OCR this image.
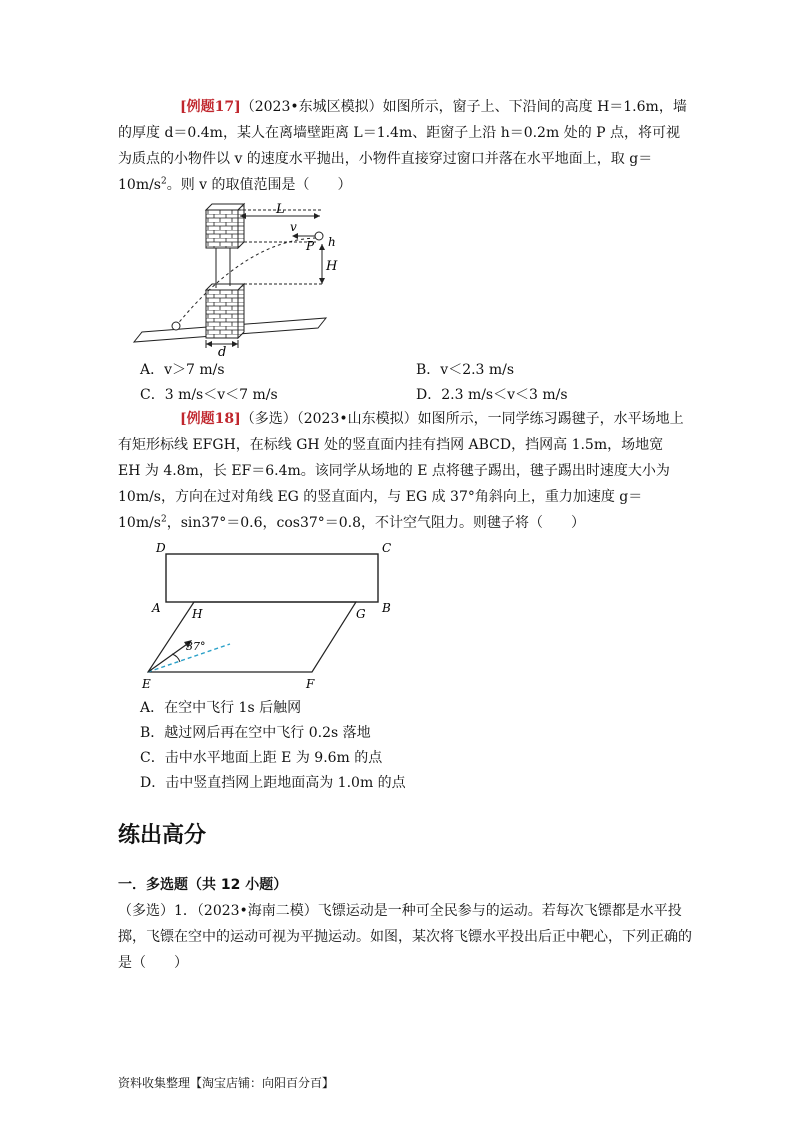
[例题17]（2023•东城区模拟）如图所示，窗子上、下沿间的高度 H＝1.6m，墙的厚度 d＝0.4m，某人在离墙壁距离 L＝1.4m、距窗子上沿 h＝0.2m 处的 P 点，将可视为质点的小物件以 v 的速度水平抛出，小物件直接穿过窗口并落在水平地面上，取 $g=10m/s^2$。则 v 的取值范围是（　　）
L
v
P h
H
d
A．v＞7 m/s	B．v＜2.3 m/s
C．3 m/s＜v＜7 m/s	D．2.3 m/s＜v＜3 m/s
[例题18]（多选）（2023•山东模拟）如图所示，一同学练习踢毽子，水平场地上有矩形标线 EFGH，在标线 GH 处的竖直面内挂有挡网 ABCD，挡网高 1.5m，场地宽 EH 为 4.8m，长 EF＝6.4m。该同学从场地的 E 点将毽子踢出，毽子踢出时速度大小为 10m/s，方向在过对角线 EG 的竖直面内，与 EG 成 37°角斜向上，重力加速度 $g=10m/s^2$，sin37°＝0.6，cos37°＝0.8，不计空气阻力。则毽子将（　　）
D	C
A	B
H	G
E	F
37°
A．在空中飞行 1s 后触网
B．越过网后再在空中飞行 0.2s 落地
C．击中水平地面上距 E 为 9.6m 的点
D．击中竖直挡网上距地面高为 1.0m 的点
练出高分
一．多选题（共 12 小题）
（多选）1．（2023•海南二模）飞镖运动是一种可全民参与的运动。若每次飞镖都是水平投掷，飞镖在空中的运动可视为平抛运动。如图，某次将飞镖水平投出后正中靶心，下列正确的是（　　）
资料收集整理【淘宝店铺：向阳百分百】
